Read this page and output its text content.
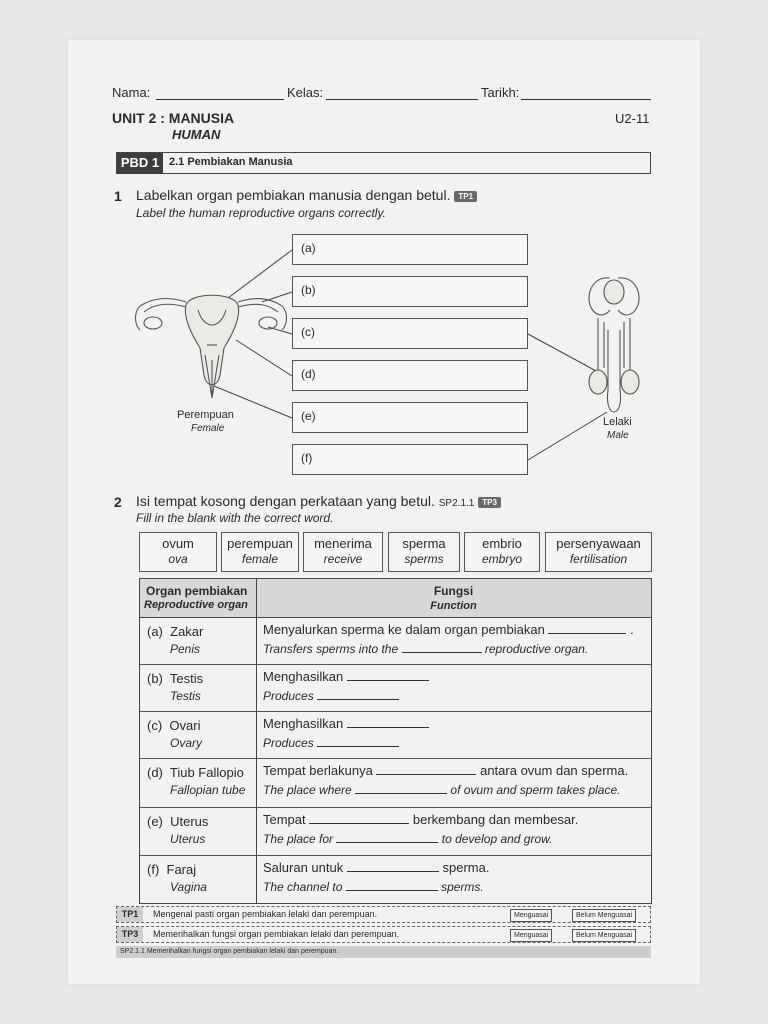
Nama:	Kelas:	Tarikh:
UNIT 2 : MANUSIA
HUMAN
U2-11
PBD 1 2.1 Pembiakan Manusia
1 Labelkan organ pembiakan manusia dengan betul. TP1
Label the human reproductive organs correctly.
(a)
(b)
(c)
(d)
(e)
(f)
Perempuan
Female
Lelaki
Male
2 Isi tempat kosong dengan perkataan yang betul. SP2.1.1 TP3
Fill in the blank with the correct word.
ovum
ova
perempuan
female
menerima
receive
sperma
sperms
embrio
embryo
persenyawaan
fertilisation
Organ pembiakan
Reproductive organ
Fungsi
Function
(a) Zakar
Penis
Menyalurkan sperma ke dalam organ pembiakan	.
Transfers sperms into the	reproductive organ.
(b) Testis
Testis
Menghasilkan
Produces
(c) Ovari
Ovary
Menghasilkan
Produces
(d) Tiub Fallopio
Fallopian tube
Tempat berlakunya	antara ovum dan sperma.
The place where	of ovum and sperm takes place.
(e) Uterus
Uterus
Tempat	berkembang dan membesar.
The place for	to develop and grow.
(f) Faraj
Vagina
Saluran untuk	sperma.
The channel to	sperms.
TP1	Mengenal pasti organ pembiakan lelaki dan perempuan.	Menguasai	Belum Menguasai
TP3	Memerihalkan fungsi organ pembiakan lelaki dan perempuan.	Menguasai	Belum Menguasai
SP2.1.1 Memerihalkan fungsi organ pembiakan lelaki dan perempuan.
